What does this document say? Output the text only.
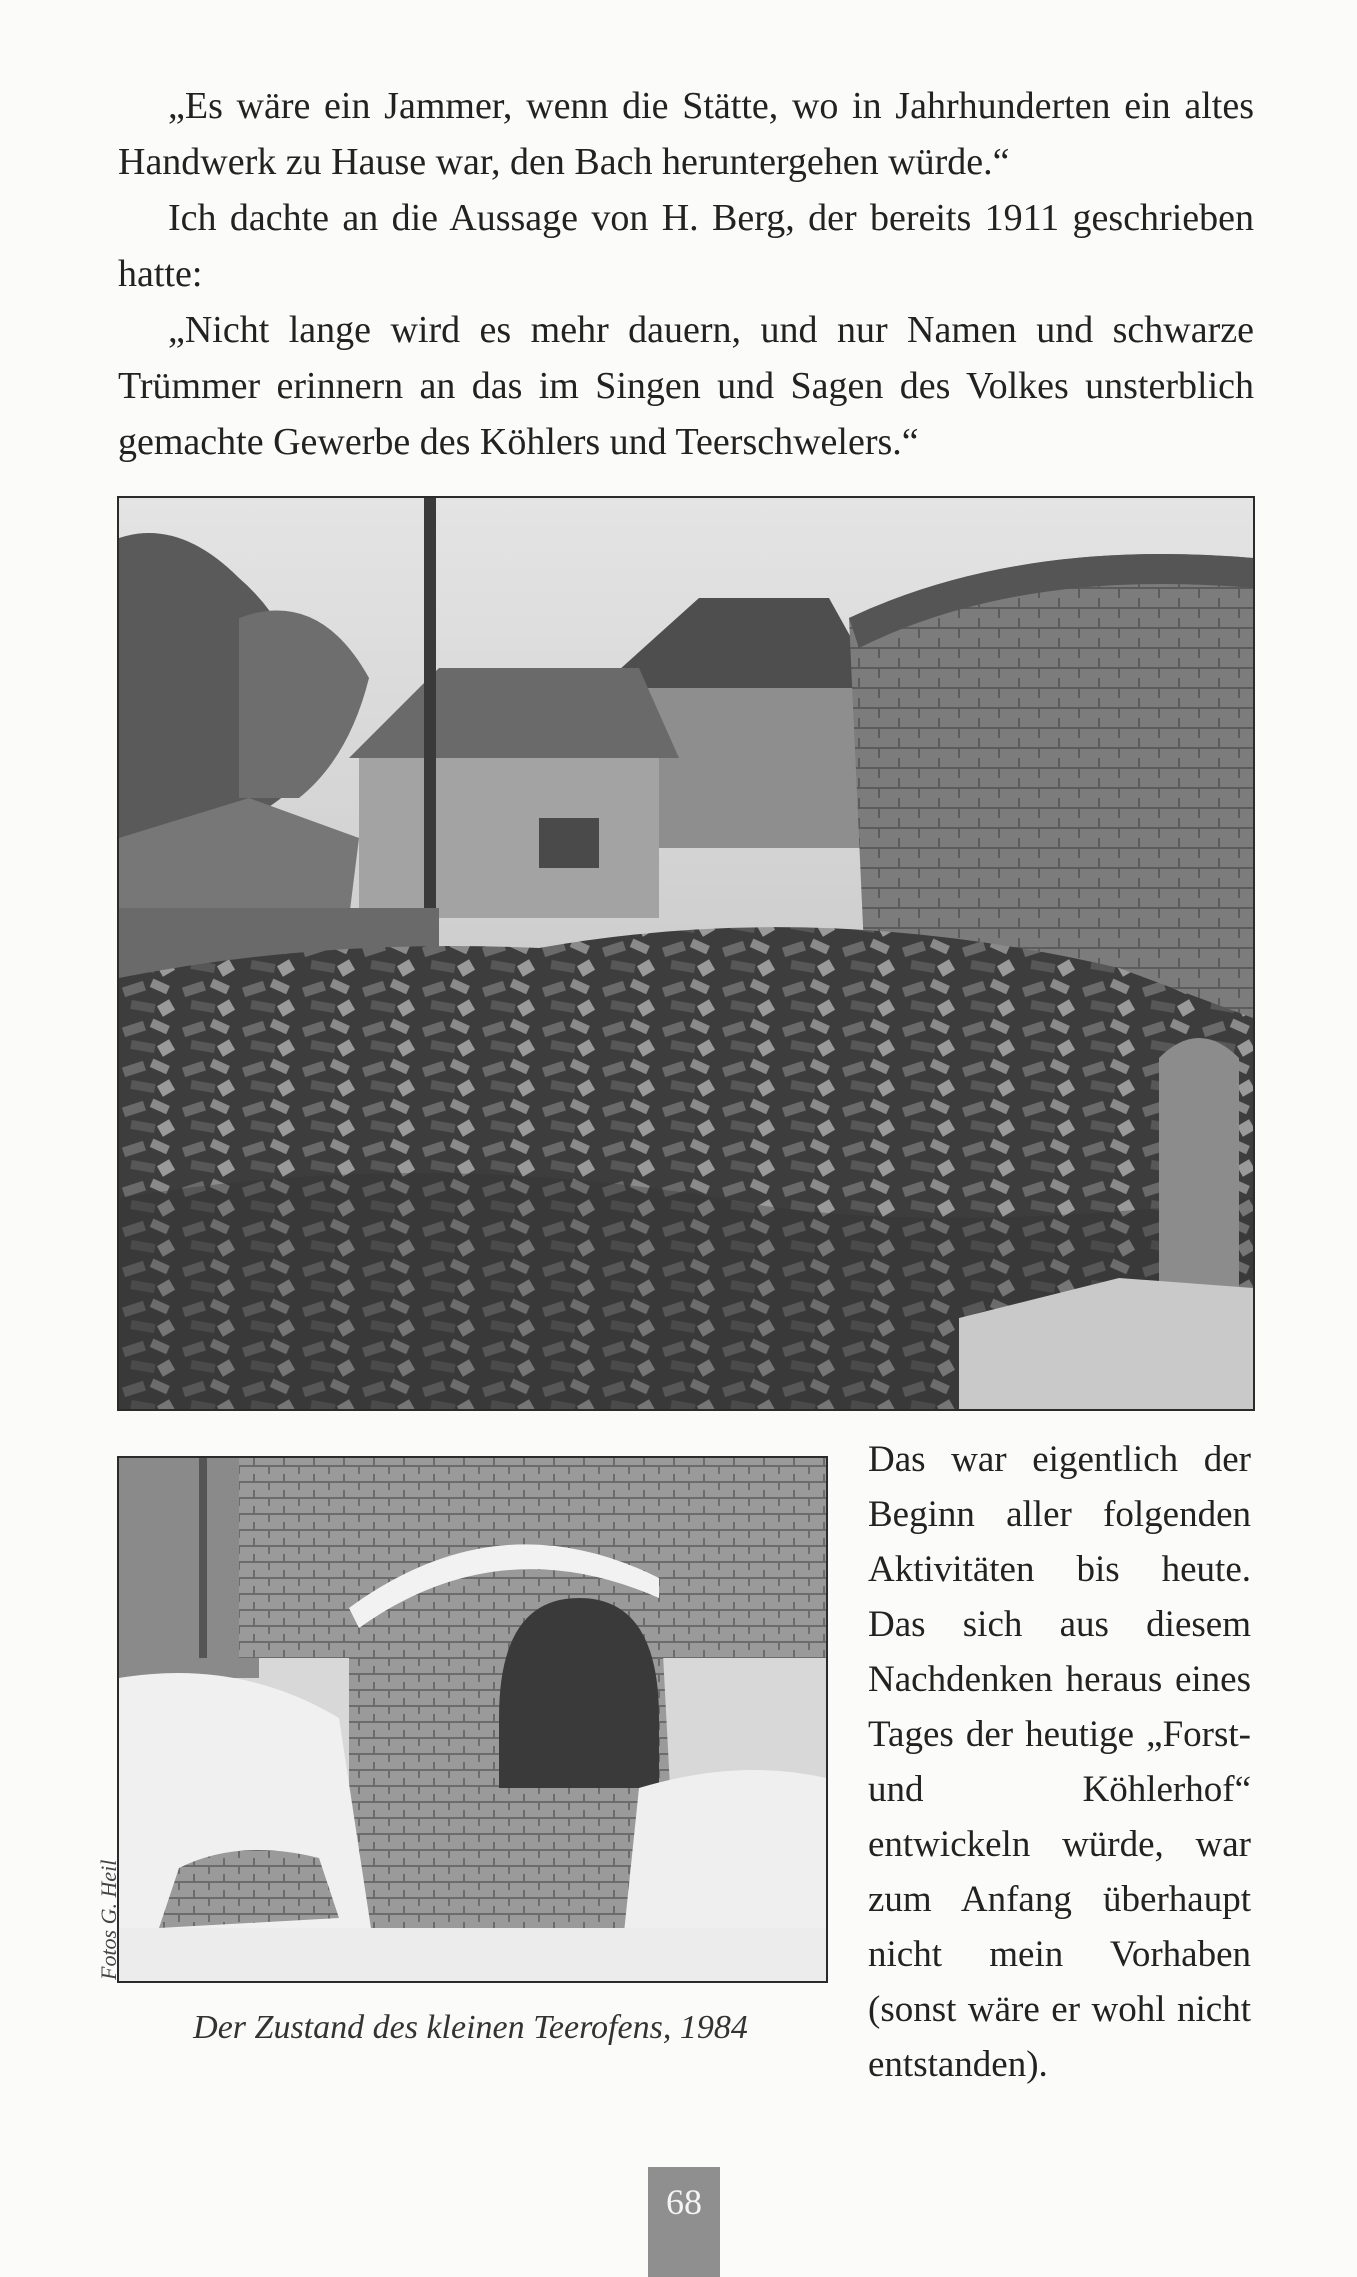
„Es wäre ein Jammer, wenn die Stätte, wo in Jahrhunderten ein altes Handwerk zu Hause war, den Bach heruntergehen würde.“

Ich dachte an die Aussage von H. Berg, der bereits 1911 geschrieben hatte:

„Nicht lange wird es mehr dauern, und nur Namen und schwarze Trümmer erinnern an das im Singen und Sagen des Volkes unsterblich gemachte Gewerbe des Köhlers und Teerschwelers.“

Fotos G. Heil
Der Zustand des kleinen Teerofens, 1984

Das war eigentlich der Beginn aller folgenden Aktivitäten bis heute. Das sich aus diesem Nachdenken heraus eines Tages der heutige „Forst- und Köhlerhof“ entwickeln würde, war zum Anfang überhaupt nicht mein Vorhaben (sonst wäre er wohl nicht entstanden).

68
